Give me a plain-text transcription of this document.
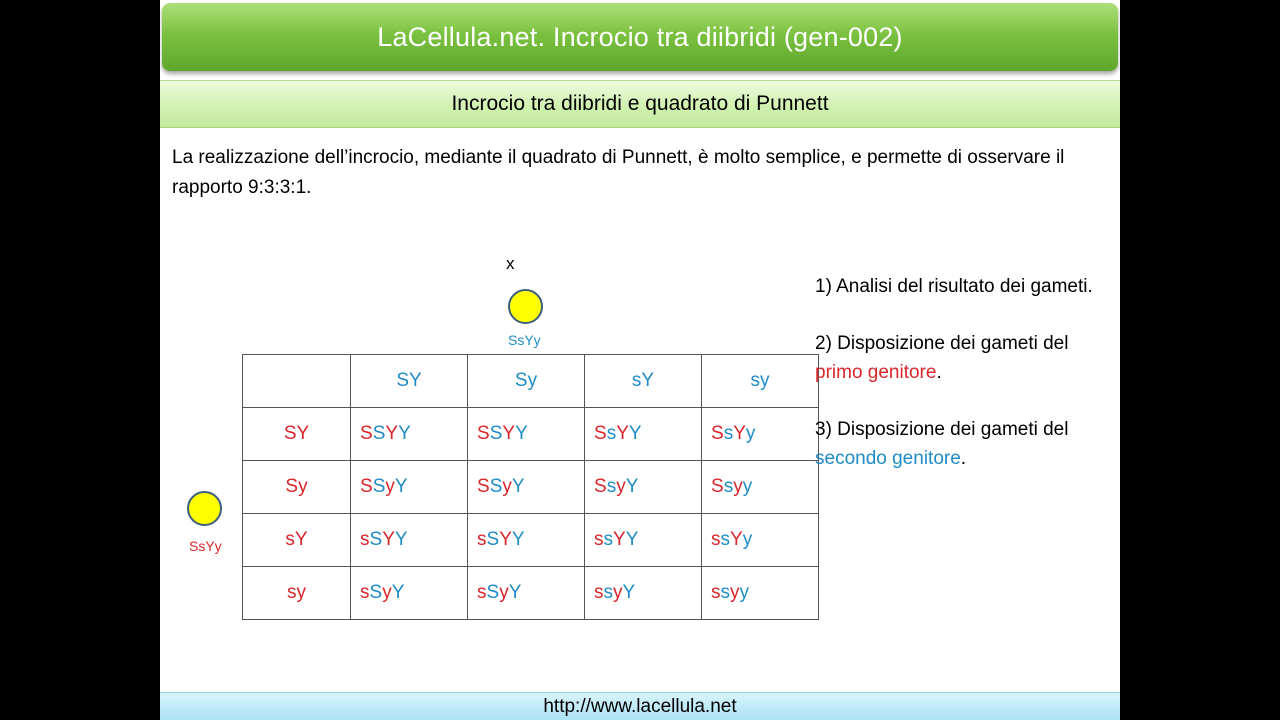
LaCellula.net. Incrocio tra diibridi (gen-002)
Incrocio tra diibridi e quadrato di Punnett
La realizzazione dell’incrocio, mediante il quadrato di Punnett, è molto semplice, e permette di osservare il rapporto 9:3:3:1.
x
SsYy
SsYy
	SY	Sy	sY	sy
SY	SSYY	SSYY	SsYY	SsYy
Sy	SSyY	SSyY	SsyY	Ssyy
sY	sSYY	sSYY	ssYY	ssYy
sy	sSyY	sSyY	ssyY	ssyy

1) Analisi del risultato dei gameti.

2) Disposizione dei gameti del primo genitore.

3) Disposizione dei gameti del secondo genitore.

http://www.lacellula.net
